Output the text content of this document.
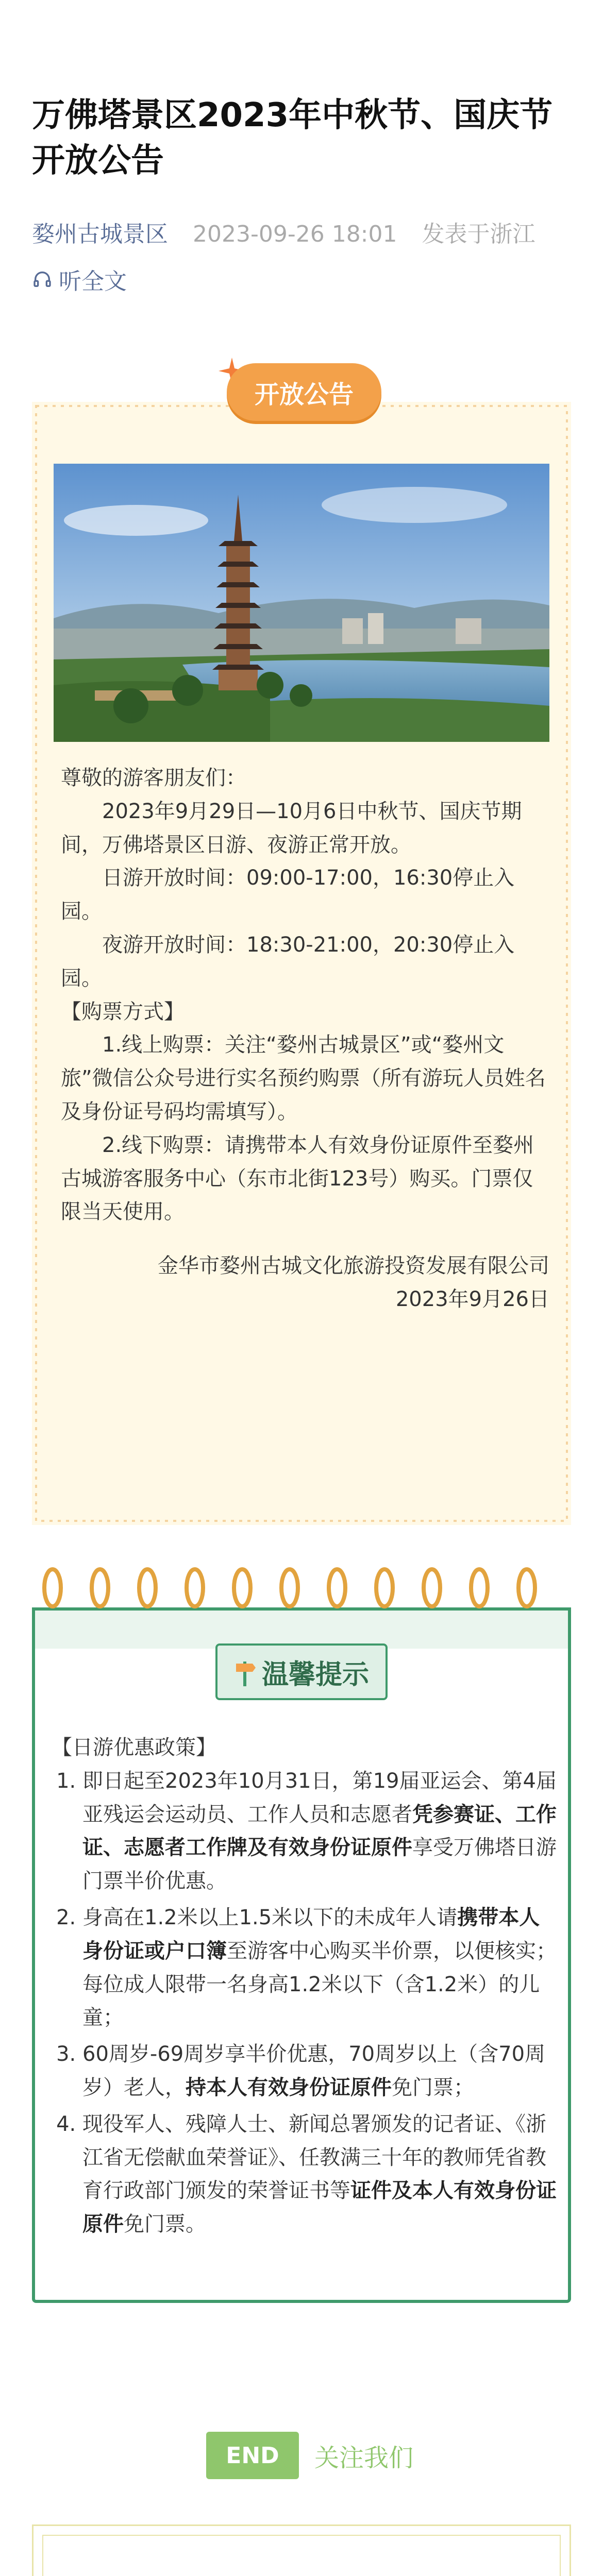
万佛塔景区2023年中秋节、国庆节开放公告
婺州古城景区 2023-09-26 18:01 发表于浙江
听全文
开放公告
尊敬的游客朋友们：
2023年9月29日—10月6日中秋节、国庆节期间，万佛塔景区日游、夜游正常开放。
日游开放时间：09:00-17:00，16:30停止入园。
夜游开放时间：18:30-21:00，20:30停止入园。
【购票方式】
1.线上购票：关注“婺州古城景区”或“婺州文旅”微信公众号进行实名预约购票（所有游玩人员姓名及身份证号码均需填写）。
2.线下购票：请携带本人有效身份证原件至婺州古城游客服务中心（东市北街123号）购买。门票仅限当天使用。
金华市婺州古城文化旅游投资发展有限公司
2023年9月26日
温馨提示
【日游优惠政策】
1. 即日起至2023年10月31日，第19届亚运会、第4届亚残运会运动员、工作人员和志愿者凭参赛证、工作证、志愿者工作牌及有效身份证原件享受万佛塔日游门票半价优惠。
2. 身高在1.2米以上1.5米以下的未成年人请携带本人身份证或户口簿至游客中心购买半价票，以便核实；每位成人限带一名身高1.2米以下（含1.2米）的儿童；
3. 60周岁-69周岁享半价优惠，70周岁以上（含70周岁）老人，持本人有效身份证原件免门票；
4. 现役军人、残障人士、新闻总署颁发的记者证、《浙江省无偿献血荣誉证》、任教满三十年的教师凭省教育行政部门颁发的荣誉证书等证件及本人有效身份证原件免门票。
END	关注我们
